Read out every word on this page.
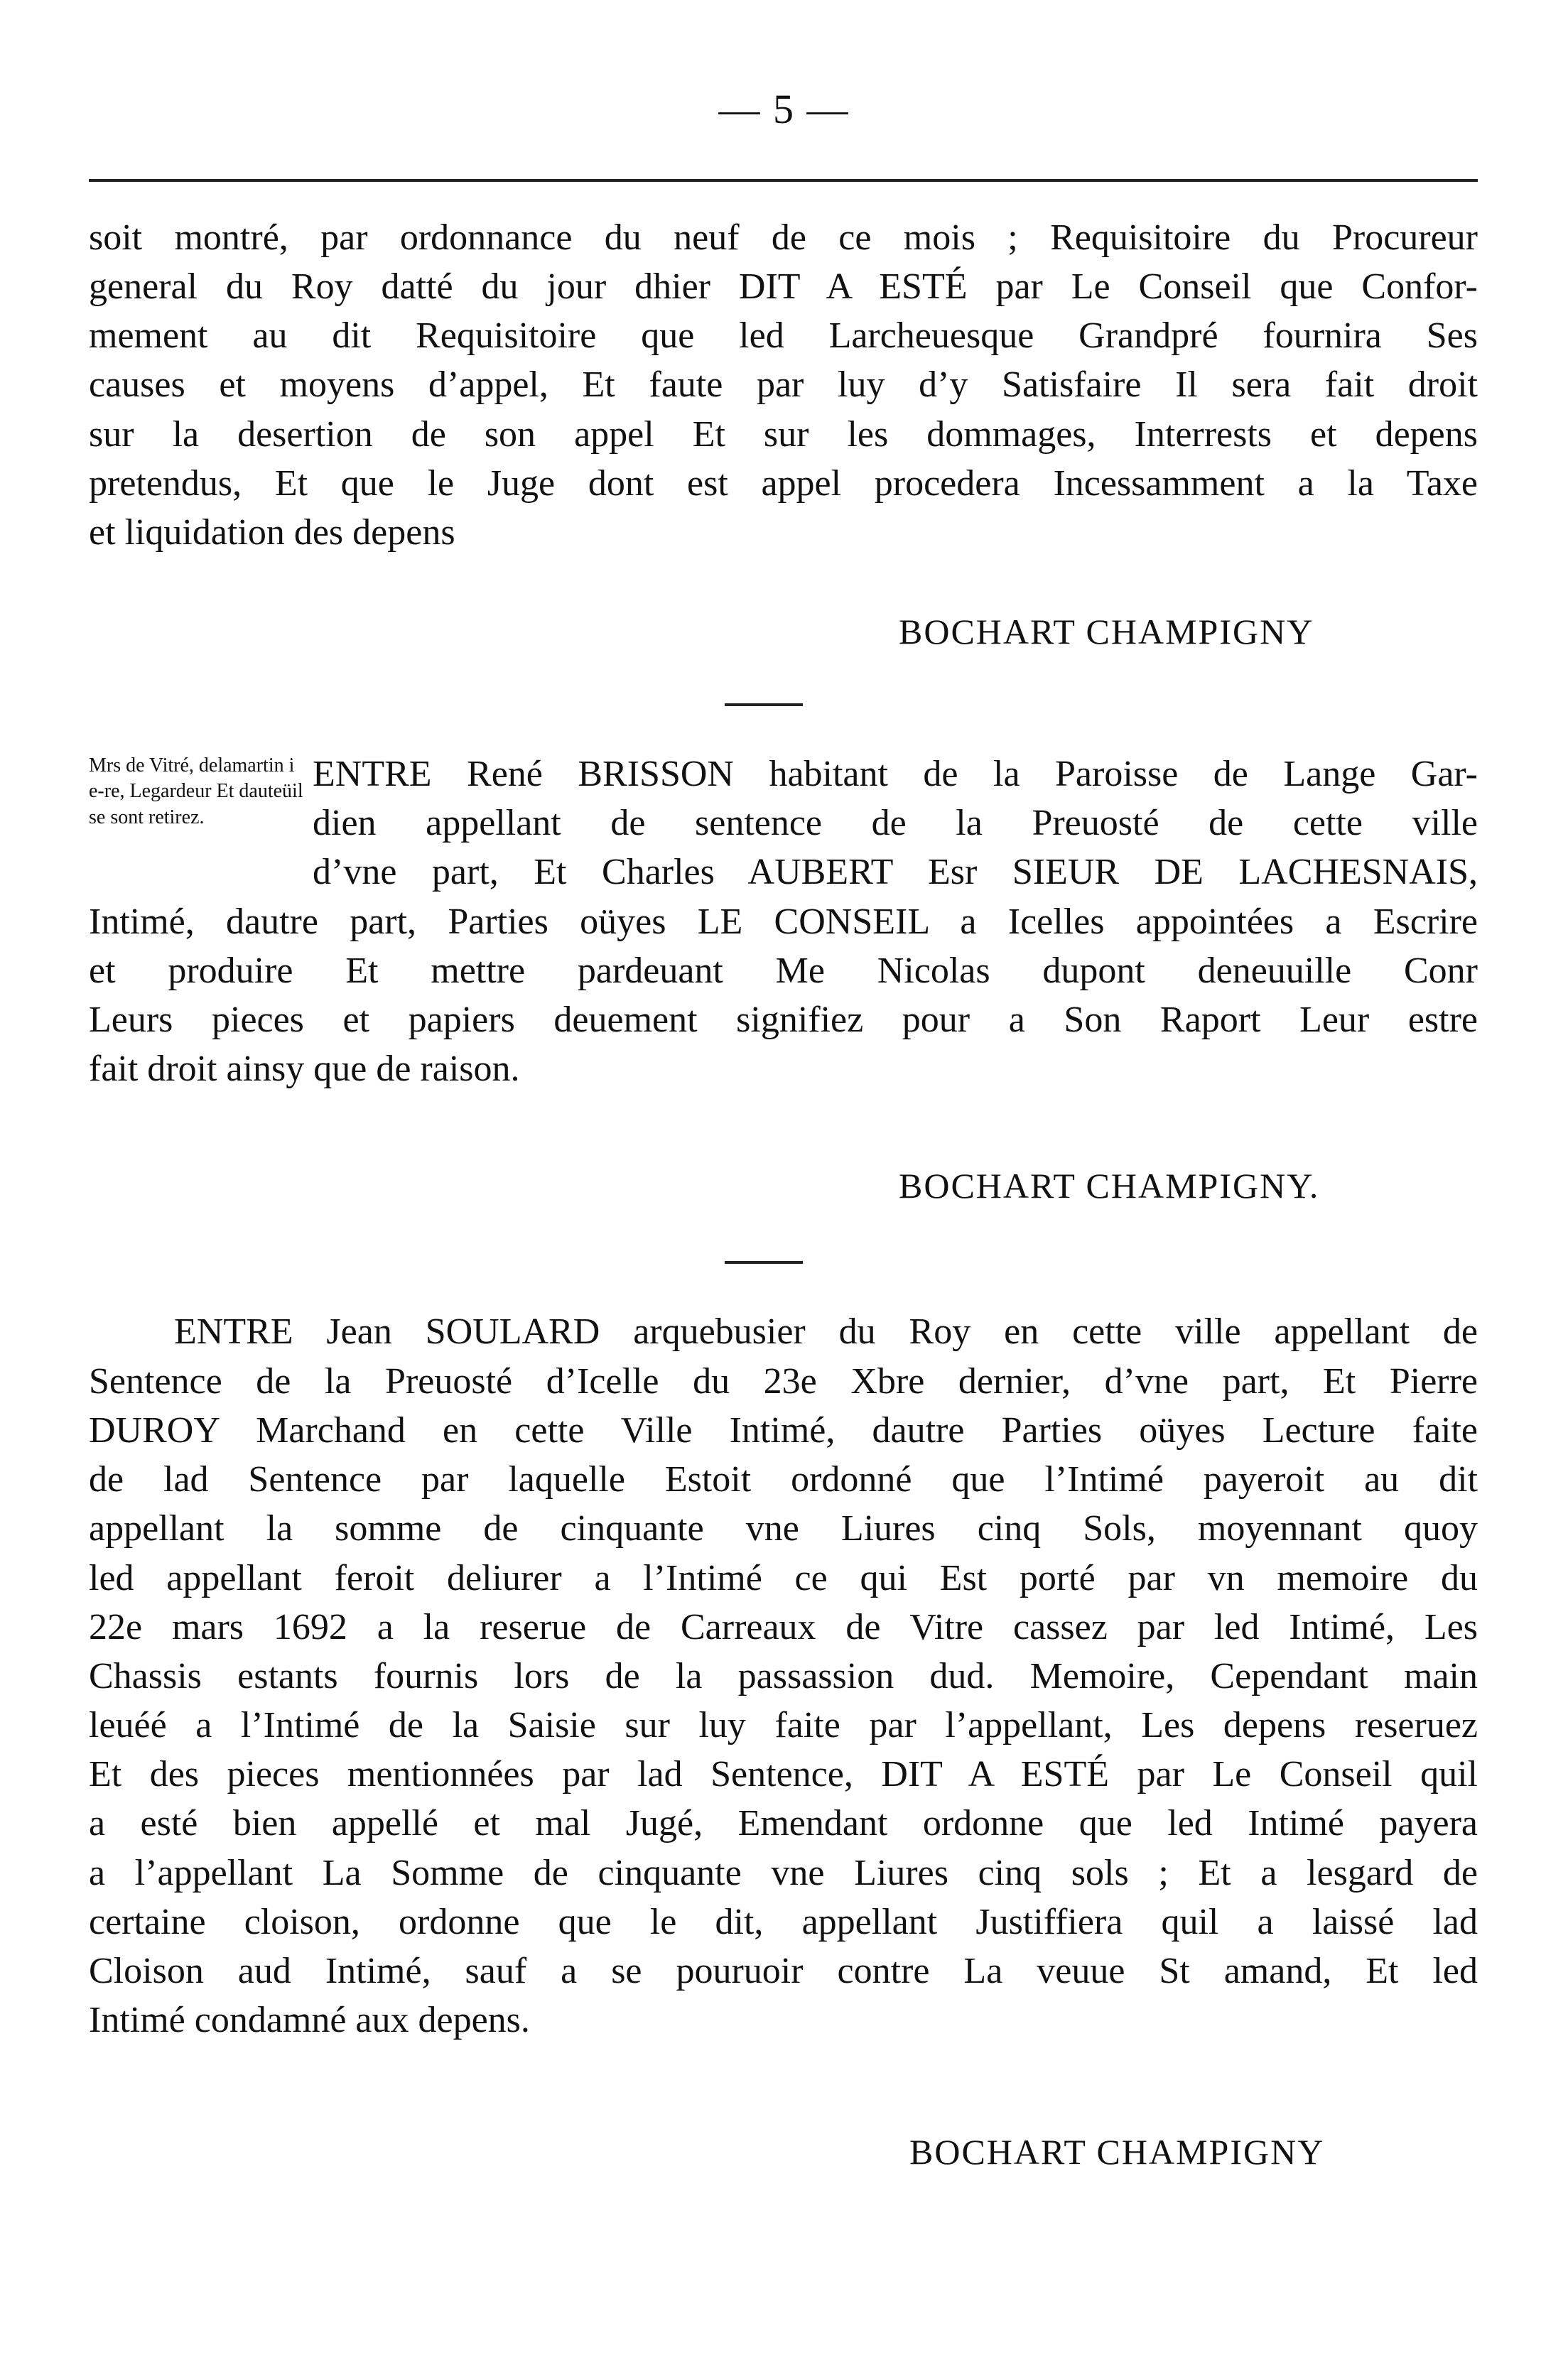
— 5 —
soit montré, par ordonnance du neuf de ce mois ; Requisitoire du Procureur
general du Roy datté du jour dhier DIT A ESTÉ par Le Conseil que Confor-
mement au dit Requisitoire que led Larcheuesque Grandpré fournira Ses
causes et moyens d’appel, Et faute par luy d’y Satisfaire Il sera fait droit
sur la desertion de son appel Et sur les dommages, Interrests et depens
pretendus, Et que le Juge dont est appel procedera Incessamment a la Taxe
et liquidation des depens
BOCHART CHAMPIGNY
Mrs de Vitré, delamartin i e-re, Legardeur Et dauteüil se sont retirez.
ENTRE René BRISSON habitant de la Paroisse de Lange Gar-
dien appellant de sentence de la Preuosté de cette ville
d’vne part, Et Charles AUBERT Esr SIEUR DE LACHESNAIS,
Intimé, dautre part, Parties oüyes LE CONSEIL a Icelles appointées a Escrire
et produire Et mettre pardeuant Me Nicolas dupont deneuuille Conr
Leurs pieces et papiers deuement signifiez pour a Son Raport Leur estre
fait droit ainsy que de raison.
BOCHART CHAMPIGNY.
ENTRE Jean SOULARD arquebusier du Roy en cette ville appellant de
Sentence de la Preuosté d’Icelle du 23e Xbre dernier, d’vne part, Et Pierre
DUROY Marchand en cette Ville Intimé, dautre Parties oüyes Lecture faite
de lad Sentence par laquelle Estoit ordonné que l’Intimé payeroit au dit
appellant la somme de cinquante vne Liures cinq Sols, moyennant quoy
led appellant feroit deliurer a l’Intimé ce qui Est porté par vn memoire du
22e mars 1692 a la reserue de Carreaux de Vitre cassez par led Intimé, Les
Chassis estants fournis lors de la passassion dud. Memoire, Cependant main
leuéé a l’Intimé de la Saisie sur luy faite par l’appellant, Les depens reseruez
Et des pieces mentionnées par lad Sentence, DIT A ESTÉ par Le Conseil quil
a esté bien appellé et mal Jugé, Emendant ordonne que led Intimé payera
a l’appellant La Somme de cinquante vne Liures cinq sols ; Et a lesgard de
certaine cloison, ordonne que le dit, appellant Justiffiera quil a laissé lad
Cloison aud Intimé, sauf a se pouruoir contre La veuue St amand, Et led
Intimé condamné aux depens.
BOCHART CHAMPIGNY
